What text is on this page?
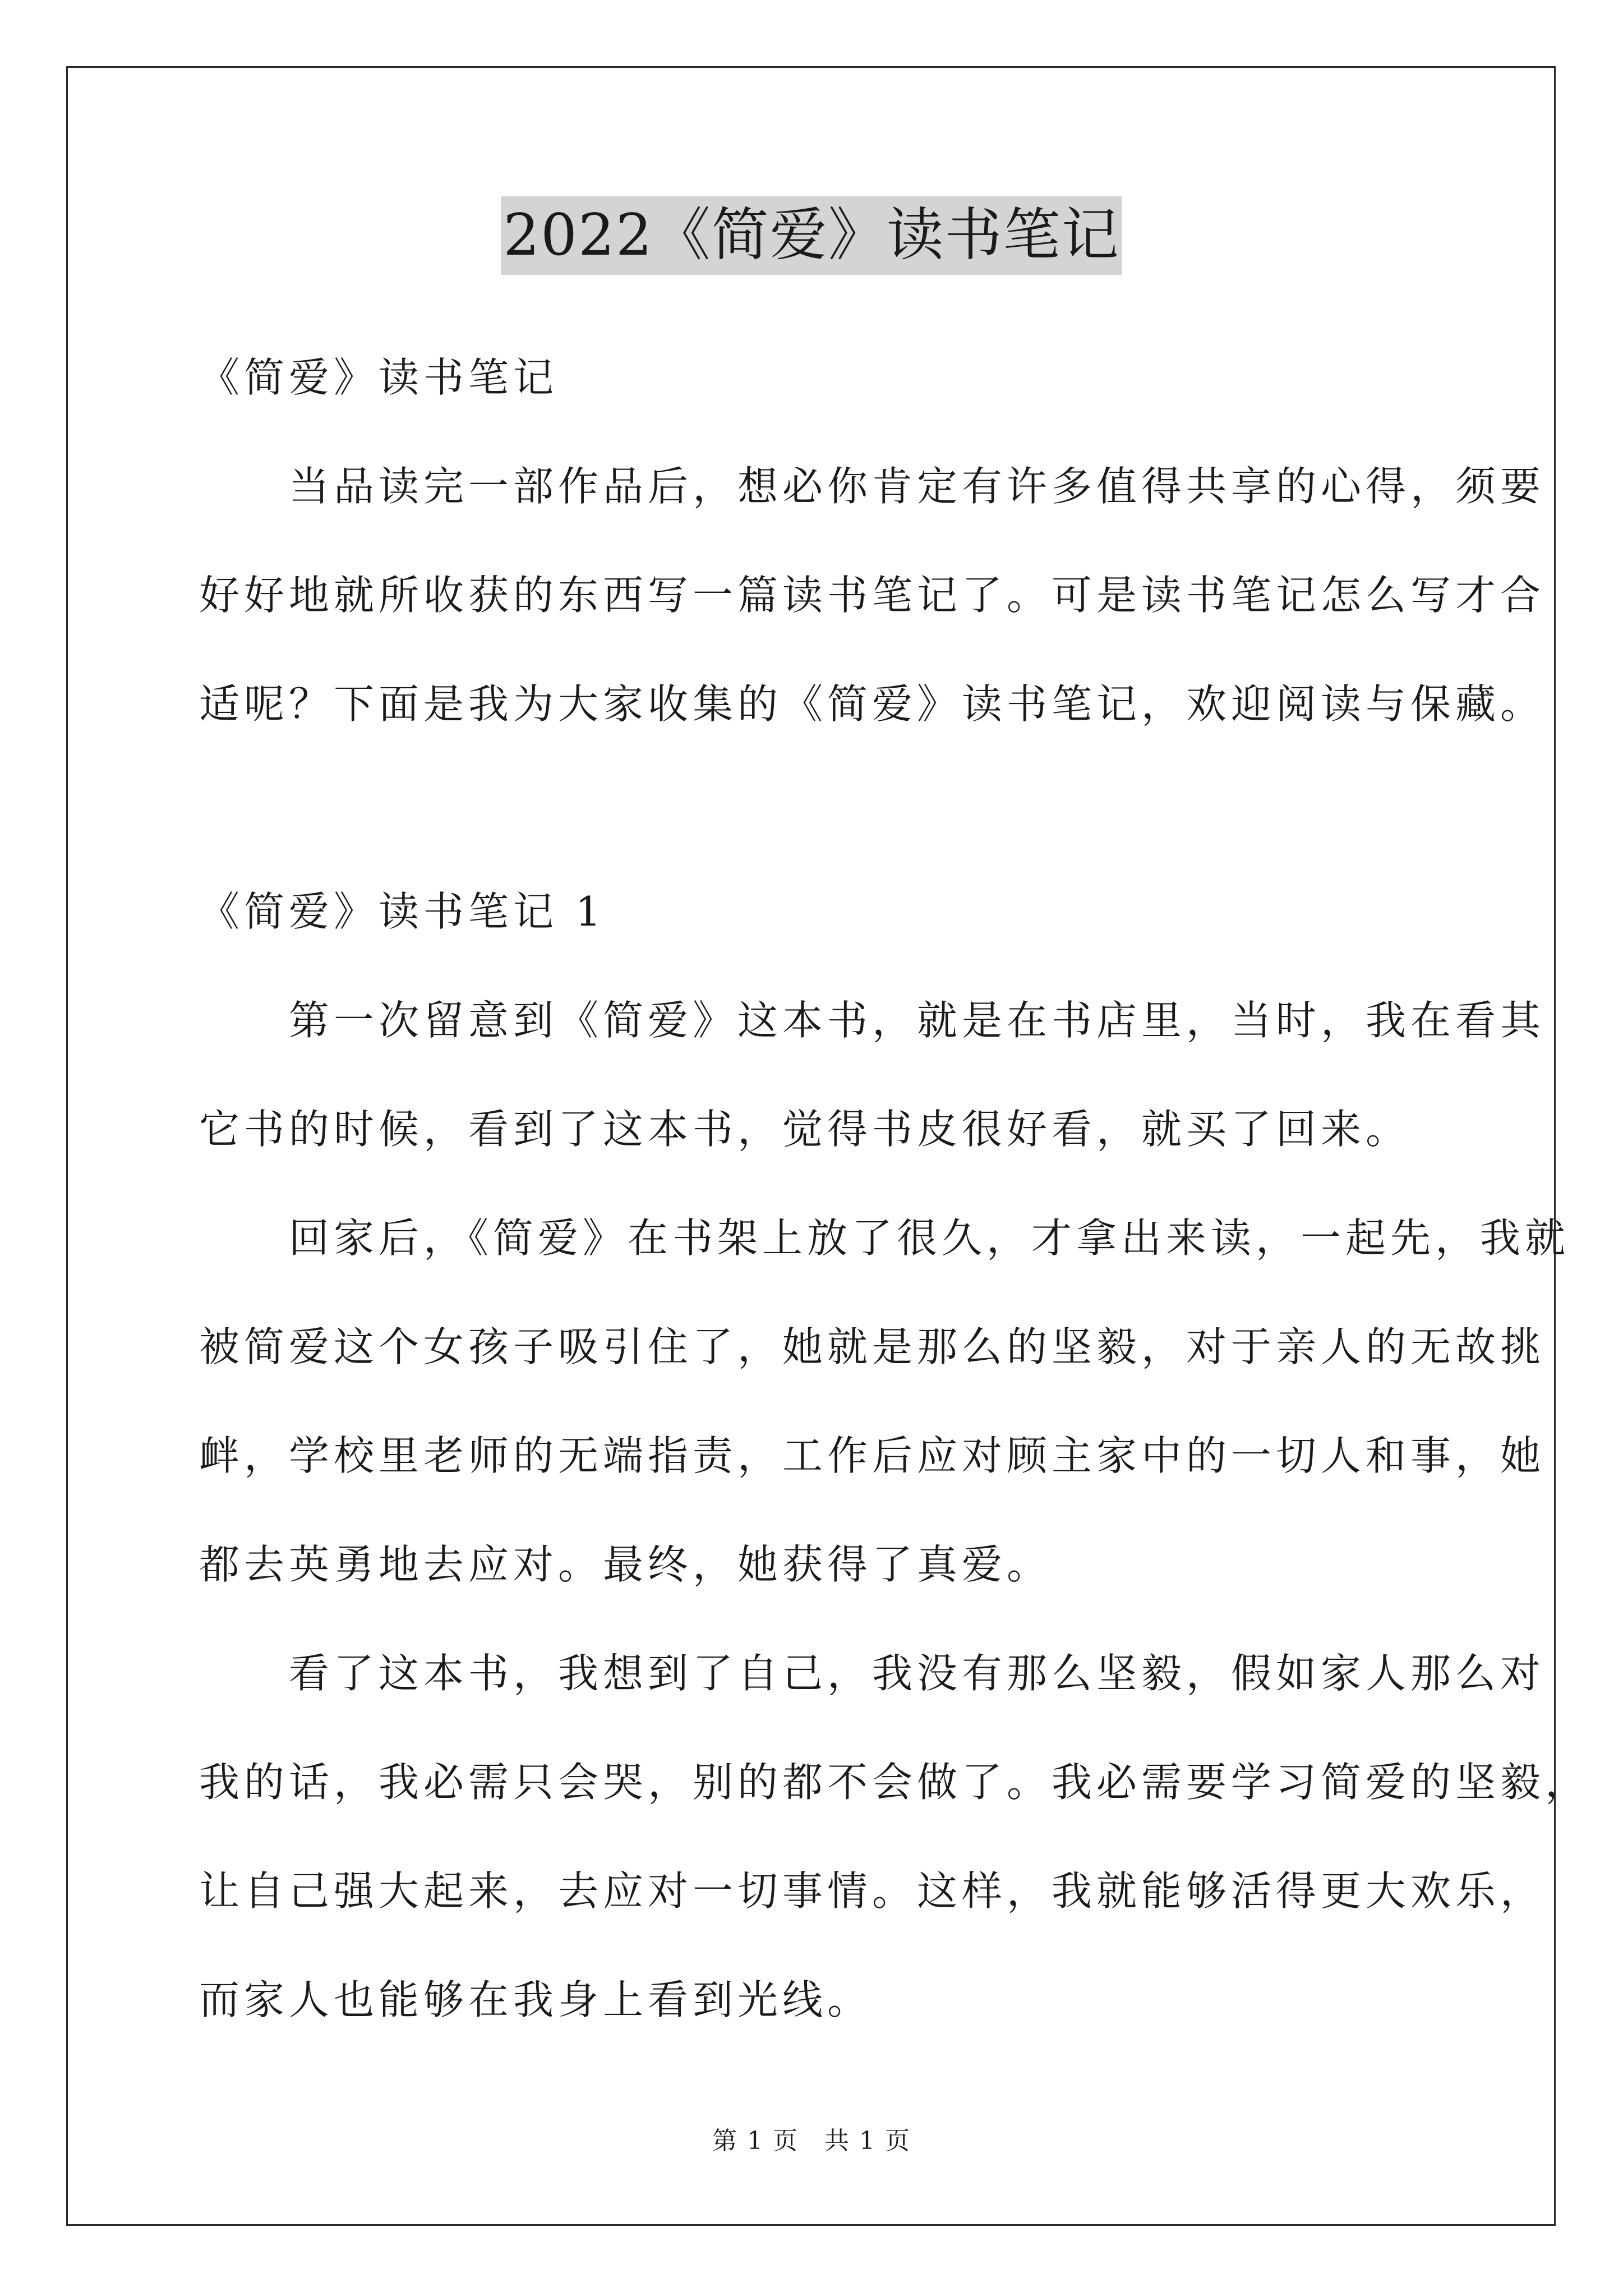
2022《简爱》读书笔记
《简爱》读书笔记
　　当品读完一部作品后，想必你肯定有许多值得共享的心得，须要
好好地就所收获的东西写一篇读书笔记了。可是读书笔记怎么写才合
适呢？下面是我为大家收集的《简爱》读书笔记，欢迎阅读与保藏。
《简爱》读书笔记 1
　　第一次留意到《简爱》这本书，就是在书店里，当时，我在看其
它书的时候，看到了这本书，觉得书皮很好看，就买了回来。
　　回家后，《简爱》在书架上放了很久，才拿出来读，一起先，我就
被简爱这个女孩子吸引住了，她就是那么的坚毅，对于亲人的无故挑
衅，学校里老师的无端指责，工作后应对顾主家中的一切人和事，她
都去英勇地去应对。最终，她获得了真爱。
　　看了这本书，我想到了自己，我没有那么坚毅，假如家人那么对
我的话，我必需只会哭，别的都不会做了。我必需要学习简爱的坚毅，
让自己强大起来，去应对一切事情。这样，我就能够活得更大欢乐，
而家人也能够在我身上看到光线。
第 1 页 共 1 页
